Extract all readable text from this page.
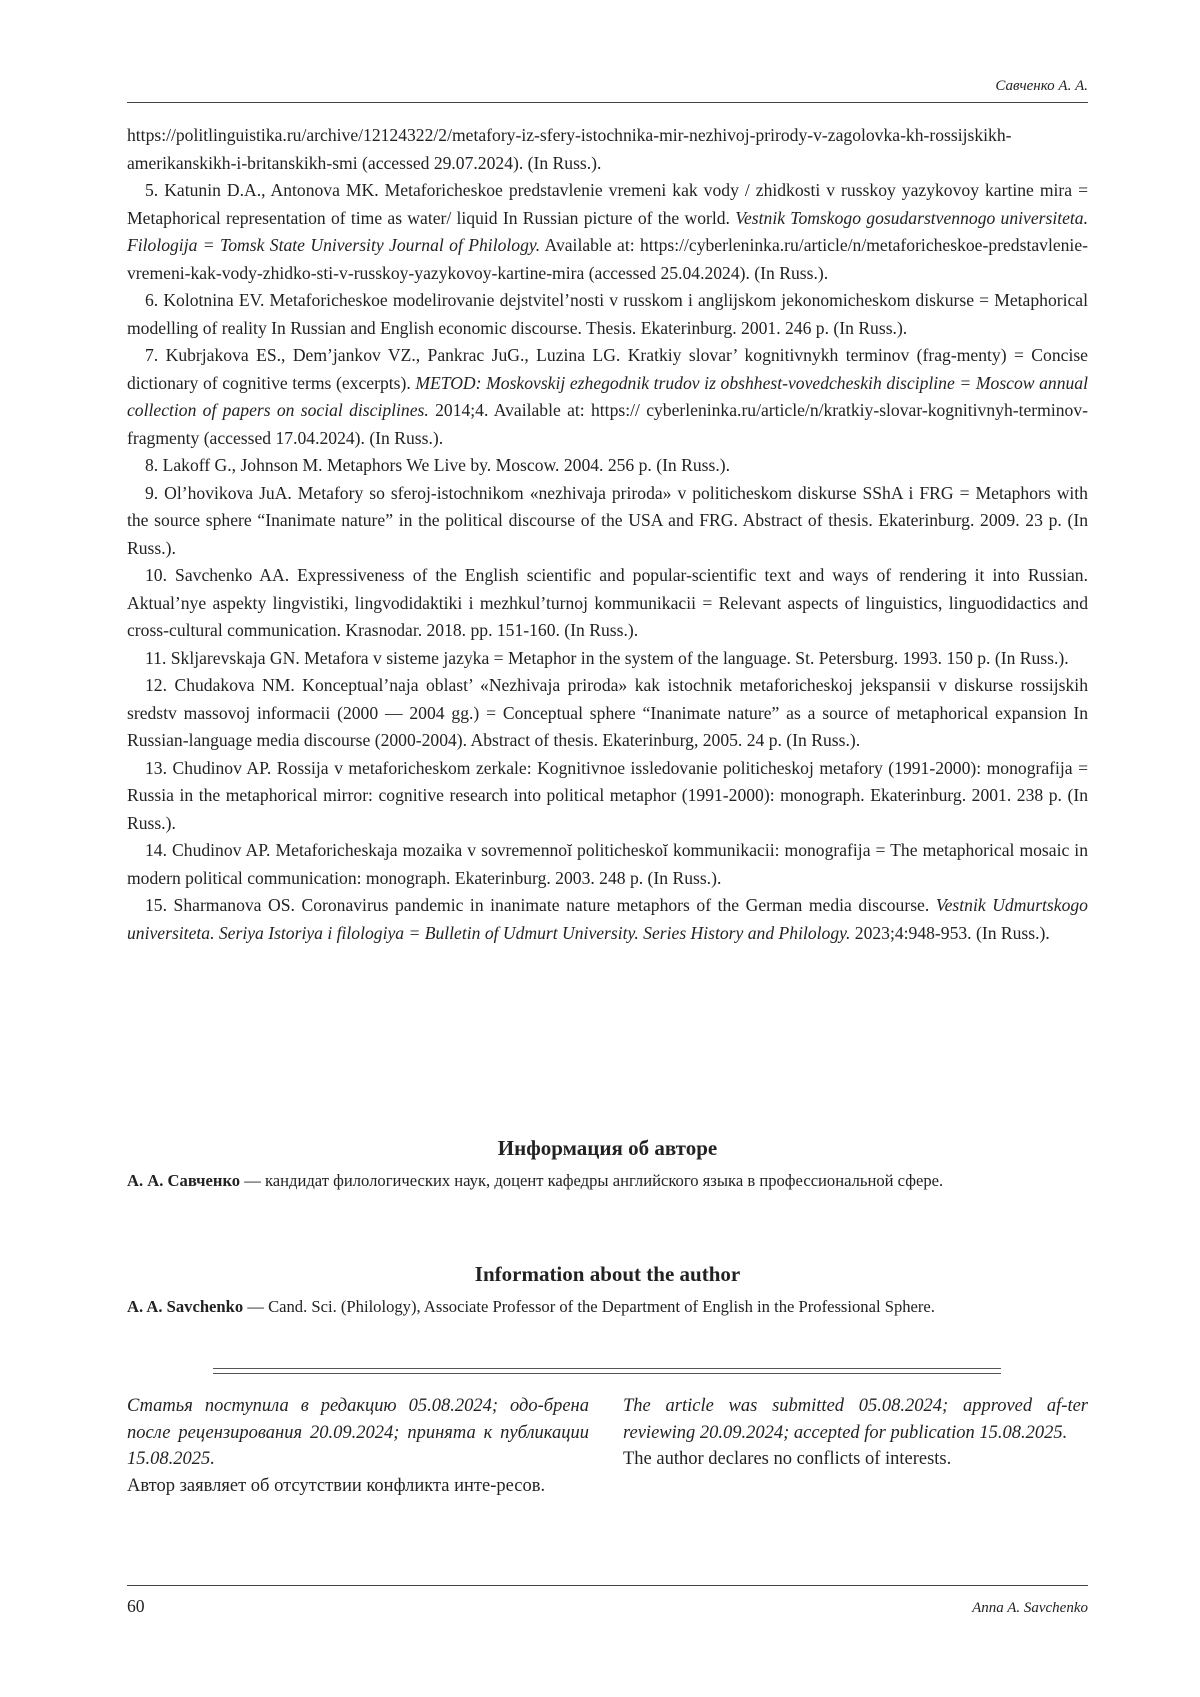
Савченко А. А.

https://politlinguistika.ru/archive/12124322/2/metafory-iz-sfery-istochnika-mir-nezhivoj-prirody-v-zagolovka-kh-rossijskikh-amerikanskikh-i-britanskikh-smi (accessed 29.07.2024). (In Russ.).

5. Katunin D.A., Antonova MK. Metaforicheskoe predstavlenie vremeni kak vody / zhidkosti v russkoy yazykovoy kartine mira = Metaphorical representation of time as water/ liquid In Russian picture of the world. Vestnik Tomskogo gosudarstvennogo universiteta. Filologija = Tomsk State University Journal of Philology. Available at: https://cyberleninka.ru/article/n/metaforicheskoe-predstavlenie-vremeni-kak-vody-zhidko-sti-v-russkoy-yazykovoy-kartine-mira (accessed 25.04.2024). (In Russ.).

6. Kolotnina EV. Metaforicheskoe modelirovanie dejstvitel’nosti v russkom i anglijskom jekonomicheskom diskurse = Metaphorical modelling of reality In Russian and English economic discourse. Thesis. Ekaterinburg. 2001. 246 p. (In Russ.).

7. Kubrjakova ES., Dem’jankov VZ., Pankrac JuG., Luzina LG. Kratkiy slovar’ kognitivnykh terminov (frag-menty) = Concise dictionary of cognitive terms (excerpts). METOD: Moskovskij ezhegodnik trudov iz obshhest-vovedcheskih discipline = Moscow annual collection of papers on social disciplines. 2014;4. Available at: https:// cyberleninka.ru/article/n/kratkiy-slovar-kognitivnyh-terminov-fragmenty (accessed 17.04.2024). (In Russ.).

8. Lakoff G., Johnson M. Metaphors We Live by. Moscow. 2004. 256 p. (In Russ.).

9. Ol’hovikova JuA. Metafory so sferoj-istochnikom «nezhivaja priroda» v politicheskom diskurse SShA i FRG = Metaphors with the source sphere “Inanimate nature” in the political discourse of the USA and FRG. Abstract of thesis. Ekaterinburg. 2009. 23 p. (In Russ.).

10. Savchenko AA. Expressiveness of the English scientific and popular-scientific text and ways of rendering it into Russian. Aktual’nye aspekty lingvistiki, lingvodidaktiki i mezhkul’turnoj kommunikacii = Relevant aspects of linguistics, linguodidactics and cross-cultural communication. Krasnodar. 2018. pp. 151-160. (In Russ.).

11. Skljarevskaja GN. Metafora v sisteme jazyka = Metaphor in the system of the language. St. Petersburg. 1993. 150 p. (In Russ.).

12. Chudakova NM. Konceptual’naja oblast’ «Nezhivaja priroda» kak istochnik metaforicheskoj jekspansii v diskurse rossijskih sredstv massovoj informacii (2000 — 2004 gg.) = Conceptual sphere “Inanimate nature” as a source of metaphorical expansion In Russian-language media discourse (2000-2004). Abstract of thesis. Ekaterinburg, 2005. 24 p. (In Russ.).

13. Chudinov AP. Rossija v metaforicheskom zerkale: Kognitivnoe issledovanie politicheskoj metafory (1991-2000): monografija = Russia in the metaphorical mirror: cognitive research into political metaphor (1991-2000): monograph. Ekaterinburg. 2001. 238 p. (In Russ.).

14. Chudinov AP. Metaforicheskaja mozaika v sovremennoĭ politicheskoĭ kommunikacii: monografija = The metaphorical mosaic in modern political communication: monograph. Ekaterinburg. 2003. 248 p. (In Russ.).

15. Sharmanova OS. Coronavirus pandemic in inanimate nature metaphors of the German media discourse. Vestnik Udmurtskogo universiteta. Seriya Istoriya i filologiya = Bulletin of Udmurt University. Series History and Philology. 2023;4:948-953. (In Russ.).

Информация об авторе
А. А. Савченко — кандидат филологических наук, доцент кафедры английского языка в профессиональной сфере.
Information about the author
A. A. Savchenko — Cand. Sci. (Philology), Associate Professor of the Department of English in the Professional Sphere.

Статья поступила в редакцию 05.08.2024; одо-брена после рецензирования 20.09.2024; принята к публикации 15.08.2025.

Автор заявляет об отсутствии конфликта инте-ресов.

The article was submitted 05.08.2024; approved af-ter reviewing 20.09.2024; accepted for publication 15.08.2025.

The author declares no conflicts of interests.

60	Anna A. Savchenko
